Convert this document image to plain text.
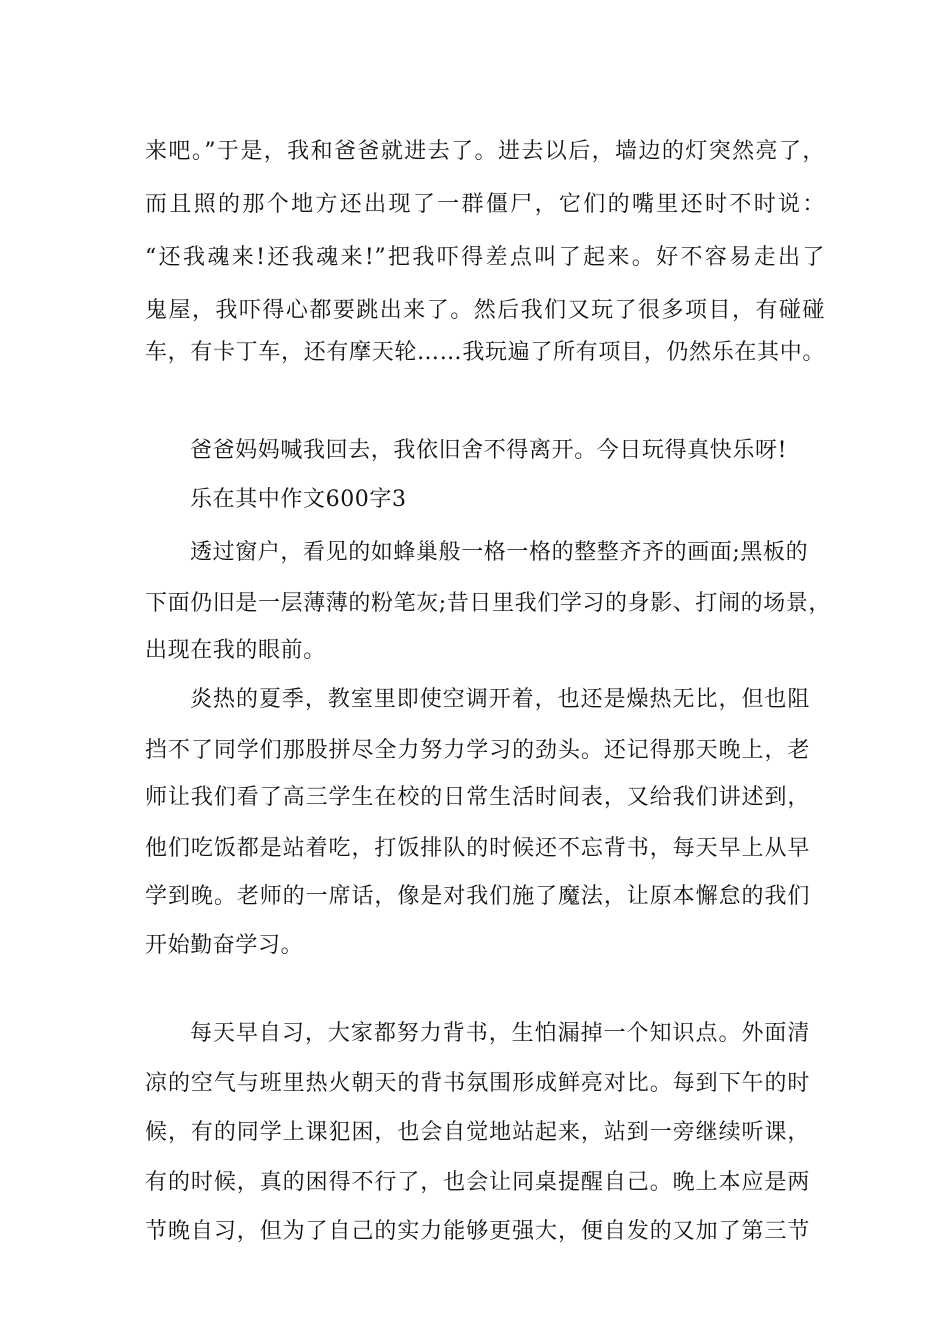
来吧。”于是，我和爸爸就进去了。进去以后，墙边的灯突然亮了，
而且照的那个地方还出现了一群僵尸，它们的嘴里还时不时说：
“还我魂来!还我魂来!”把我吓得差点叫了起来。好不容易走出了
鬼屋，我吓得心都要跳出来了。然后我们又玩了很多项目，有碰碰
车，有卡丁车，还有摩天轮……我玩遍了所有项目，仍然乐在其中。
爸爸妈妈喊我回去，我依旧舍不得离开。今日玩得真快乐呀!
乐在其中作文600字3
透过窗户，看见的如蜂巢般一格一格的整整齐齐的画面;黑板的
下面仍旧是一层薄薄的粉笔灰;昔日里我们学习的身影、打闹的场景，
出现在我的眼前。
炎热的夏季，教室里即使空调开着，也还是燥热无比，但也阻
挡不了同学们那股拼尽全力努力学习的劲头。还记得那天晚上，老
师让我们看了高三学生在校的日常生活时间表，又给我们讲述到，
他们吃饭都是站着吃，打饭排队的时候还不忘背书，每天早上从早
学到晚。老师的一席话，像是对我们施了魔法，让原本懈怠的我们
开始勤奋学习。
每天早自习，大家都努力背书，生怕漏掉一个知识点。外面清
凉的空气与班里热火朝天的背书氛围形成鲜亮对比。每到下午的时
候，有的同学上课犯困，也会自觉地站起来，站到一旁继续听课，
有的时候，真的困得不行了，也会让同桌提醒自己。晚上本应是两
节晚自习，但为了自己的实力能够更强大，便自发的又加了第三节
